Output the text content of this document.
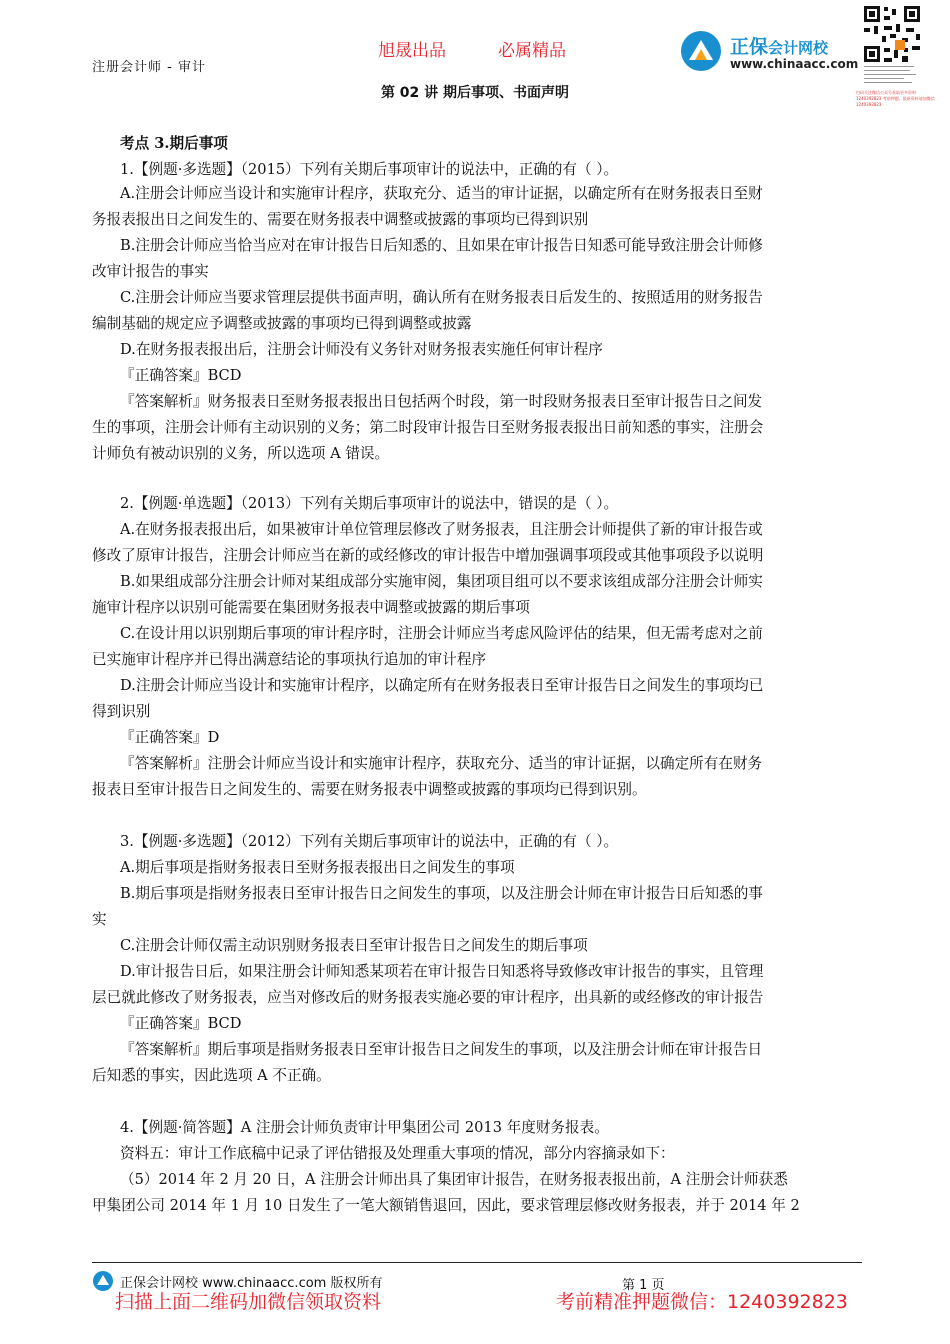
注册会计师 - 审计
旭晟出品	必属精品
第 02 讲 期后事项、书面声明
正保会计网校
www.chinaacc.com
扫码关注微信公众号获取更多资料 1240392823 考前押题、最新资料请加微信 1240392823
考点 3.期后事项
1.【例题·多选题】（2015）下列有关期后事项审计的说法中，正确的有（ ）。
A.注册会计师应当设计和实施审计程序，获取充分、适当的审计证据，以确定所有在财务报表日至财
务报表报出日之间发生的、需要在财务报表中调整或披露的事项均已得到识别
B.注册会计师应当恰当应对在审计报告日后知悉的、且如果在审计报告日知悉可能导致注册会计师修
改审计报告的事实
C.注册会计师应当要求管理层提供书面声明，确认所有在财务报表日后发生的、按照适用的财务报告
编制基础的规定应予调整或披露的事项均已得到调整或披露
D.在财务报表报出后，注册会计师没有义务针对财务报表实施任何审计程序
『正确答案』BCD
『答案解析』财务报表日至财务报表报出日包括两个时段，第一时段财务报表日至审计报告日之间发
生的事项，注册会计师有主动识别的义务；第二时段审计报告日至财务报表报出日前知悉的事实，注册会
计师负有被动识别的义务，所以选项 A 错误。
2.【例题·单选题】（2013）下列有关期后事项审计的说法中，错误的是（ ）。
A.在财务报表报出后，如果被审计单位管理层修改了财务报表，且注册会计师提供了新的审计报告或
修改了原审计报告，注册会计师应当在新的或经修改的审计报告中增加强调事项段或其他事项段予以说明
B.如果组成部分注册会计师对某组成部分实施审阅，集团项目组可以不要求该组成部分注册会计师实
施审计程序以识别可能需要在集团财务报表中调整或披露的期后事项
C.在设计用以识别期后事项的审计程序时，注册会计师应当考虑风险评估的结果，但无需考虑对之前
已实施审计程序并已得出满意结论的事项执行追加的审计程序
D.注册会计师应当设计和实施审计程序，以确定所有在财务报表日至审计报告日之间发生的事项均已
得到识别
『正确答案』D
『答案解析』注册会计师应当设计和实施审计程序，获取充分、适当的审计证据，以确定所有在财务
报表日至审计报告日之间发生的、需要在财务报表中调整或披露的事项均已得到识别。
3.【例题·多选题】（2012）下列有关期后事项审计的说法中，正确的有（ ）。
A.期后事项是指财务报表日至财务报表报出日之间发生的事项
B.期后事项是指财务报表日至审计报告日之间发生的事项，以及注册会计师在审计报告日后知悉的事
实
C.注册会计师仅需主动识别财务报表日至审计报告日之间发生的期后事项
D.审计报告日后，如果注册会计师知悉某项若在审计报告日知悉将导致修改审计报告的事实，且管理
层已就此修改了财务报表，应当对修改后的财务报表实施必要的审计程序，出具新的或经修改的审计报告
『正确答案』BCD
『答案解析』期后事项是指财务报表日至审计报告日之间发生的事项，以及注册会计师在审计报告日
后知悉的事实，因此选项 A 不正确。
4.【例题·简答题】A 注册会计师负责审计甲集团公司 2013 年度财务报表。
资料五：审计工作底稿中记录了评估错报及处理重大事项的情况，部分内容摘录如下：
（5）2014 年 2 月 20 日，A 注册会计师出具了集团审计报告，在财务报表报出前，A 注册会计师获悉
甲集团公司 2014 年 1 月 10 日发生了一笔大额销售退回，因此，要求管理层修改财务报表，并于 2014 年 2
正保会计网校 www.chinaacc.com 版权所有	第 1 页
扫描上面二维码加微信领取资料	考前精准押题微信：1240392823
